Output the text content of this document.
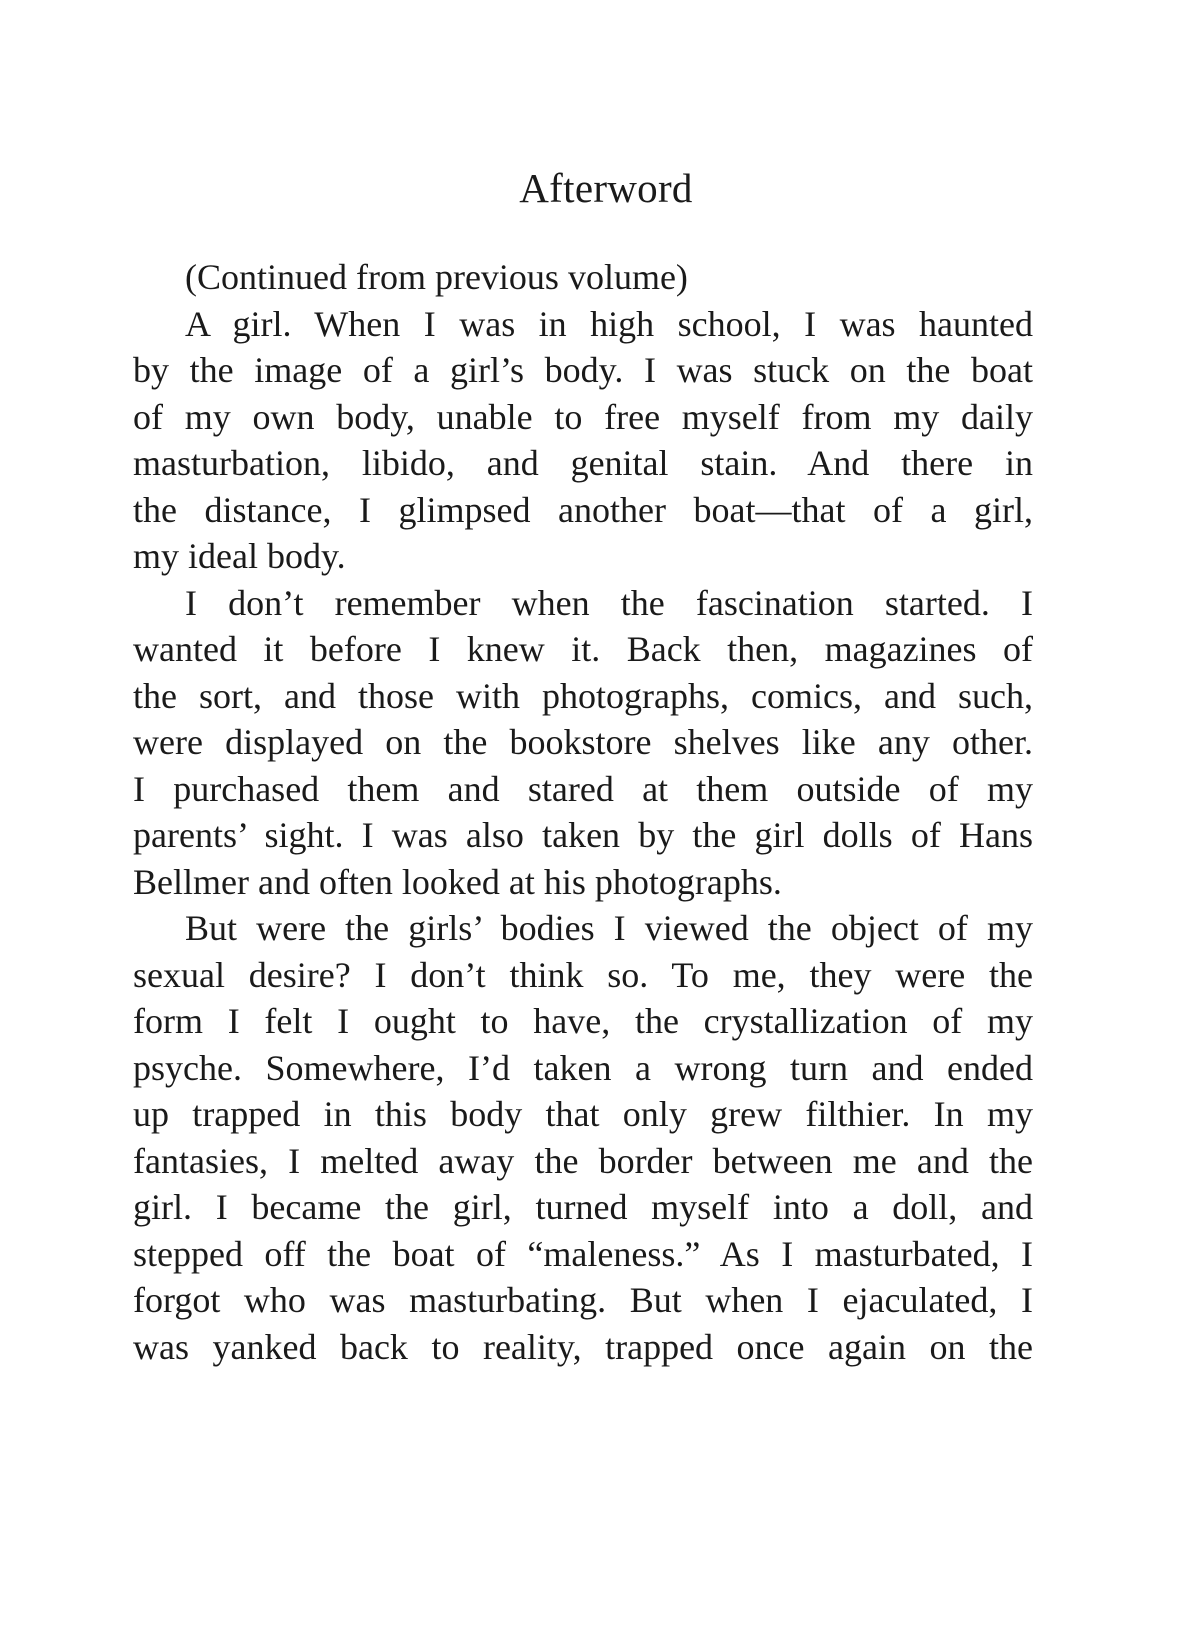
Afterword
(Continued from previous volume)
A girl. When I was in high school, I was haunted
by the image of a girl’s body. I was stuck on the boat
of my own body, unable to free myself from my daily
masturbation, libido, and genital stain. And there in
the distance, I glimpsed another boat—that of a girl,
my ideal body.
I don’t remember when the fascination started. I
wanted it before I knew it. Back then, magazines of
the sort, and those with photographs, comics, and such,
were displayed on the bookstore shelves like any other.
I purchased them and stared at them outside of my
parents’ sight. I was also taken by the girl dolls of Hans
Bellmer and often looked at his photographs.
But were the girls’ bodies I viewed the object of my
sexual desire? I don’t think so. To me, they were the
form I felt I ought to have, the crystallization of my
psyche. Somewhere, I’d taken a wrong turn and ended
up trapped in this body that only grew filthier. In my
fantasies, I melted away the border between me and the
girl. I became the girl, turned myself into a doll, and
stepped off the boat of “maleness.” As I masturbated, I
forgot who was masturbating. But when I ejaculated, I
was yanked back to reality, trapped once again on the
